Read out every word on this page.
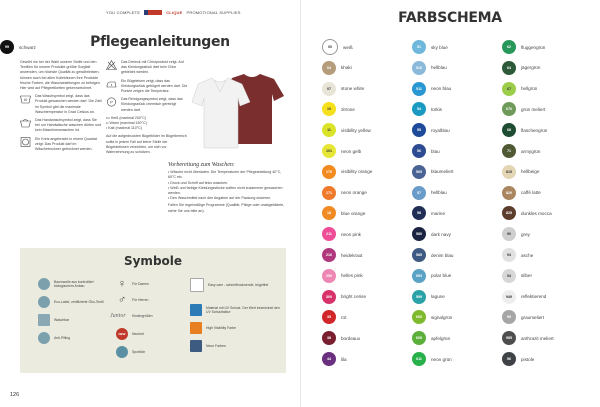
YOU COMPLETE	CLIQUE PROMOTIONAL SUPPLIES
Pflegeanleitungen

Gewöhl nie bei der Wahl unserer Stoffe und den Textilien für unsere Produkte größte Sorgfalt anwenden, um höchste Qualität zu gewährleisten, können auch bei allen Kollektionen Ihre Produkte frische Farben, die Waschanleitungen zu befolgen. Hier wird auf Pflegeetiketten gekennzeichnet.

40
Das Waschsymbol zeigt, dass das Produkt gewaschen werden darf. Die Zahl im Symbol gibt die maximale Waschtemperatur in Grad Celsius an.
Das Handwaschsymbol zeigt, dass Sie bei nur Handwäsche waschen dürfen und kein Maschinenwaschen ist.
Ein Kreis angebracht in einem Quadrat zeigt: Das Produkt darf im Wäschetrockner getrocknet werden.
Das Dreieck mit Chlorprodukt zeigt. Auf das Kleidungsstück darf kein Chlor gebleicht werden.
Ein Bügeleisen zeigt, dass das Kleidungsstück gebügelt werden darf. Die Punkte zeigen die Temperatur.
P
Das Reinigungssymbol zeigt, dass das Kleidungsstück chemisch gereinigt werden darf.

••• Heiß (maximal 200°C)

•• Warm (maximal 150°C)

• Kalt (maximal 110°C)

Auf die aufgedruckten Bügelbilder im Bügelbereich sollte in jedem Fall auf keine Stelle der Bügelaktionen verzichten, um sich vor Wahrnehmung zu schützen.

Vorbereitung zum Waschen:
• Wäsche nicht überladen. Die Temperaturen der Pflegeanleitung 40°C, 60°C etc.
• Druck und Schrift auf links waschen.
• Weiß und farbige Kleidungsstücke sollten nicht zusammen gewaschen werden.
• Den Waschmittel nach den Angaben auf der Packung dosieren.
Fallen Sie regelmäßige Programme (Qualität, Pflege oder unabgebildete, siehe Sie uns bitte an).
Symbole
Baumwolle aus kontrolliert biologischem Anbau
Eco-Label, zertifizierte Öko-Textil
Waschbar
Anti-Pilling
♀	Für Damen
♂	Für Herren
Junior	Kindergrößen
NEW	Neuheit
Sportlich
Easy care - schnelltrocknende, bügelfrei
Material mit UV Schutz. Der Wert bezeichnet den UV Schutzfaktor
High Visibility Farbe
Neon Farben
126
FARBSCHEMA
00	weiß
04	khaki
07	stone white
10	zitrone
11	visibility yellow
101	neon gelb
170	visibility orange
171	neon orange
18	blue orange
211	neon pink
216	heidekraut
250	helles pink
300	bright cerise
35	rot
38	bordeaux
44	lila
51	sky blue
510	hellblau
511	neon blau
54	türkis
55	royalblau
56	blau
565	blaumeliert
57	hellblau
58	marine
580	dark navy
585	denim blau
593	polar blue
599	lagune
600	signalgrün
605	apfelgrün
611	neon grün
62	fluggengrün
64	jägergrün
67	hellgrün
676	grün meliert
68	flaschengrün
71	armygrün
815	hellbeige
820	caffè latte
825	dunkles mocca
90	grey
94	asche
94	silber
949	reflektierend
95	graumeliert
955	anthrazit meliert
96	pistole
99	schwarz
